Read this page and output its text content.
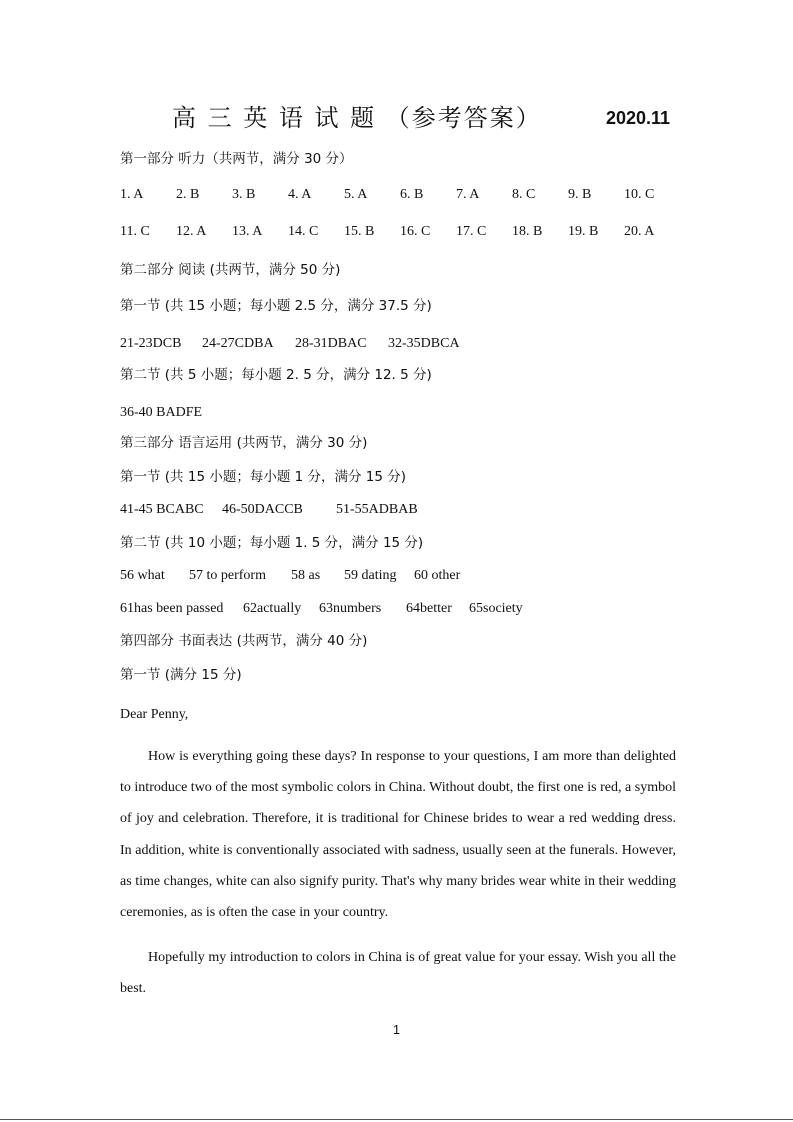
高 三 英 语 试 题 （参考答案）	2020.11
第一部分 听力（共两节，满分 30 分）
1. A 2. B 3. B 4. A 5. A 6. B 7. A 8. C 9. B 10. C
11. C 12. A 13. A 14. C 15. B 16. C 17. C 18. B 19. B 20. A
第二部分 阅读 (共两节，满分 50 分)
第一节 (共 15 小题；每小题 2.5 分，满分 37.5 分)
21-23DCB 24-27CDBA 28-31DBAC 32-35DBCA
第二节 (共 5 小题；每小题 2. 5 分，满分 12. 5 分)
36-40 BADFE
第三部分 语言运用 (共两节，满分 30 分)
第一节 (共 15 小题；每小题 1 分，满分 15 分)
41-45 BCABC 46-50DACCB 51-55ADBAB
第二节 (共 10 小题；每小题 1. 5 分，满分 15 分)
56 what 57 to perform 58 as 59 dating 60 other
61has been passed 62actually 63numbers 64better 65society
第四部分 书面表达 (共两节，满分 40 分)
第一节 (满分 15 分)
Dear Penny,
How is everything going these days? In response to your questions, I am more than delighted to introduce two of the most symbolic colors in China. Without doubt, the first one is red, a symbol of joy and celebration. Therefore, it is traditional for Chinese brides to wear a red wedding dress. In addition, white is conventionally associated with sadness, usually seen at the funerals. However, as time changes, white can also signify purity. That's why many brides wear white in their wedding ceremonies, as is often the case in your country.
Hopefully my introduction to colors in China is of great value for your essay. Wish you all the best.
1
